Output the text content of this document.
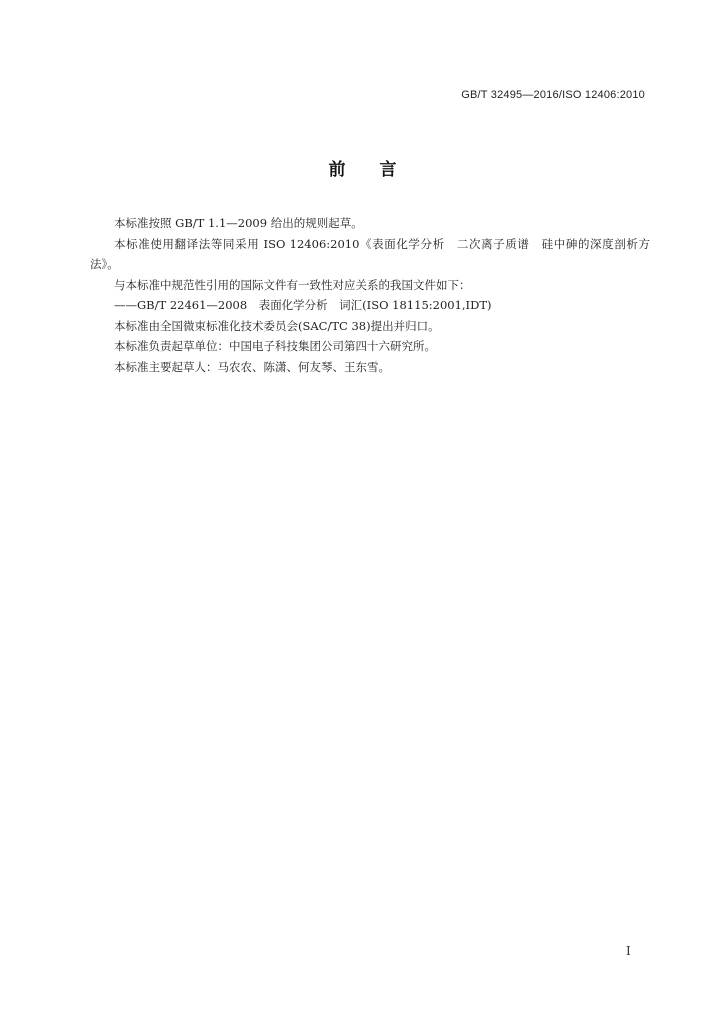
GB/T 32495—2016/ISO 12406:2010
前言

本标准按照 GB/T 1.1—2009 给出的规则起草。

本标准使用翻译法等同采用 ISO 12406:2010《表面化学分析　二次离子质谱　硅中砷的深度剖析方法》。

与本标准中规范性引用的国际文件有一致性对应关系的我国文件如下：

——GB/T 22461—2008　表面化学分析　词汇(ISO 18115:2001,IDT)

本标准由全国微束标准化技术委员会(SAC/TC 38)提出并归口。

本标准负责起草单位：中国电子科技集团公司第四十六研究所。

本标准主要起草人：马农农、陈潇、何友琴、王东雪。

I
